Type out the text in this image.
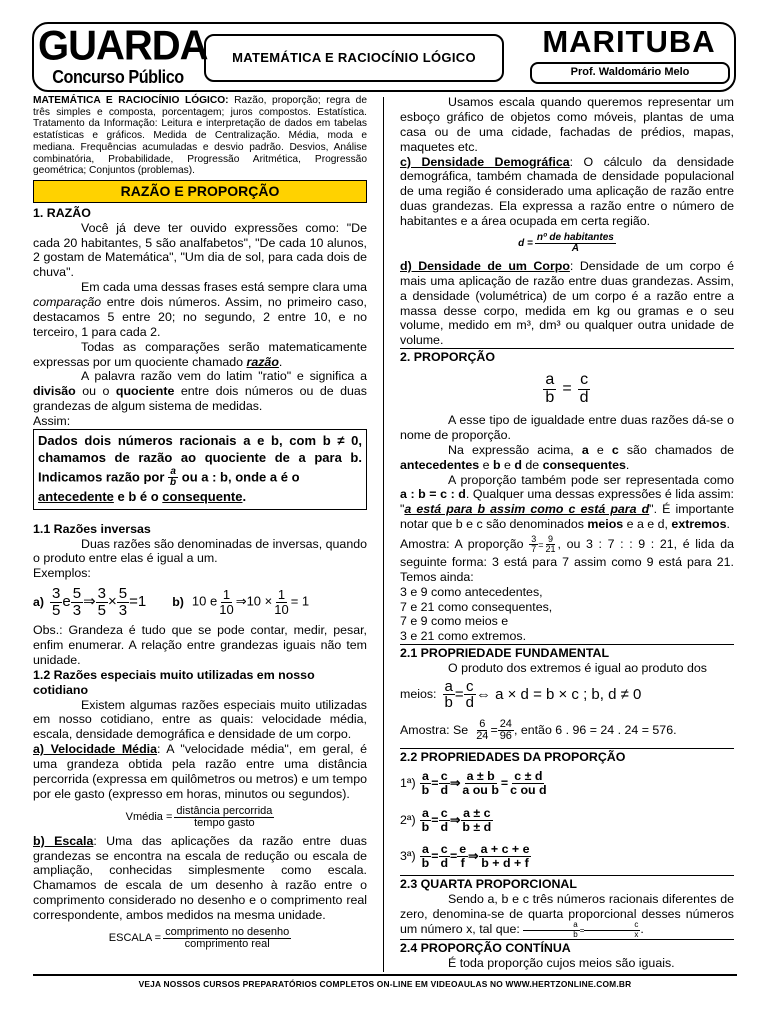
GUARDA
Concurso Público
MATEMÁTICA E RACIOCÍNIO LÓGICO	MARITUBA
Prof. Waldomário Melo

MATEMÁTICA E RACIOCÍNIO LÓGICO: Razão, proporção; regra de três simples e composta, porcentagem; juros compostos. Estatística. Tratamento da Informação: Leitura e interpretação de dados em tabelas estatísticas e gráficos. Medida de Centralização. Média, moda e mediana. Frequências acumuladas e desvio padrão. Desvios, Análise combinatória, Probabilidade, Progressão Aritmética, Progressão geométrica; Conjuntos (problemas).

RAZÃO E PROPORÇÃO
1. RAZÃO

Você já deve ter ouvido expressões como: "De cada 20 habitantes, 5 são analfabetos", "De cada 10 alunos, 2 gostam de Matemática", "Um dia de sol, para cada dois de chuva".

Em cada uma dessas frases está sempre clara uma comparação entre dois números. Assim, no primeiro caso, destacamos 5 entre 20; no segundo, 2 entre 10, e no terceiro, 1 para cada 2.

Todas as comparações serão matematicamente expressas por um quociente chamado razão.

A palavra razão vem do latim "ratio" e significa a divisão ou o quociente entre dois números ou de duas grandezas de algum sistema de medidas.

Assim:

Dados dois números racionais a e b, com b ≠ 0, chamamos de razão ao quociente de a para b. Indicamos razão por $\frac{a}{b}$ ou a : b, onde a é o
antecedente e b é o consequente.
1.1 Razões inversas

Duas razões são denominadas de inversas, quando o produto entre elas é igual a um.

Exemplos:

$a) \frac{3}{5}$ e $\frac{5}{3}$ ⇒ $\frac{3}{5} \times \frac{5}{3} =1$ b) 10 e $\frac{1}{10}$ ⇒10 × $\frac{1}{10} = 1$

Obs.: Grandeza é tudo que se pode contar, medir, pesar, enfim enumerar. A relação entre grandezas iguais não tem unidade.

1.2 Razões especiais muito utilizadas em nosso cotidiano

Existem algumas razões especiais muito utilizadas em nosso cotidiano, entre as quais: velocidade média, escala, densidade demográfica e densidade de um corpo.

a) Velocidade Média: A "velocidade média", em geral, é uma grandeza obtida pela razão entre uma distância percorrida (expressa em quilômetros ou metros) e um tempo por ele gasto (expresso em horas, minutos ou segundos).

Vmédia = $\frac{\text{distância percorrida}}{\text{tempo gasto}}$

b) Escala: Uma das aplicações da razão entre duas grandezas se encontra na escala de redução ou escala de ampliação, conhecidas simplesmente como escala. Chamamos de escala de um desenho à razão entre o comprimento considerado no desenho e o comprimento real correspondente, ambos medidos na mesma unidade.

ESCALA = $\frac{\text{comprimento no desenho}}{\text{comprimento real}}$

Usamos escala quando queremos representar um esboço gráfico de objetos como móveis, plantas de uma casa ou de uma cidade, fachadas de prédios, mapas, maquetes etc.

c) Densidade Demográfica: O cálculo da densidade demográfica, também chamada de densidade populacional de uma região é considerado uma aplicação de razão entre duas grandezas. Ela expressa a razão entre o número de habitantes e a área ocupada em certa região.

$d = \frac{\text{nº de habitantes}}{A}$

d) Densidade de um Corpo: Densidade de um corpo é mais uma aplicação de razão entre duas grandezas. Assim, a densidade (volumétrica) de um corpo é a razão entre a massa desse corpo, medida em kg ou gramas e o seu volume, medido em m³, dm³ ou qualquer outra unidade de volume.

2. PROPORÇÃO
$\frac{a}{b} = \frac{c}{d}$

A esse tipo de igualdade entre duas razões dá-se o nome de proporção.

Na expressão acima, a e c são chamados de antecedentes e b e d de consequentes.

A proporção também pode ser representada como a : b = c : d. Qualquer uma dessas expressões é lida assim: "a está para b assim como c está para d". É importante notar que b e c são denominados meios e a e d, extremos.

Amostra: A proporção $\frac{3}{7} = \frac{9}{21}$ , ou 3 : 7 : : 9 : 21, é lida da seguinte forma: 3 está para 7 assim como 9 está para 21. Temos ainda:

3 e 9 como antecedentes,

7 e 21 como consequentes,

7 e 9 como meios e

3 e 21 como extremos.

2.1 PROPRIEDADE FUNDAMENTAL

O produto dos extremos é igual ao produto dos

meios: $\frac{a}{b} = \frac{c}{d}$ ⇔ a × d = b × c ; b, d ≠ 0
Amostra: Se $\frac{6}{24} = \frac{24}{96}$ , então 6 . 96 = 24 . 24 = 576.
2.2 PROPRIEDADES DA PROPORÇÃO
1ª) $\frac{a}{b} = \frac{c}{d}$ ⇒ $\frac{a \pm b}{\text{a ou b}} = \frac{c \pm d}{\text{c ou d}}$
2ª) $\frac{a}{b} = \frac{c}{d}$ ⇒ $\frac{a \pm c}{b \pm d}$
3ª) $\frac{a}{b} = \frac{c}{d} = \frac{e}{f}$ ⇒ $\frac{a + c + e}{b + d + f}$
2.3 QUARTA PROPORCIONAL

Sendo a, b e c três números racionais diferentes de zero, denomina-se de quarta proporcional desses números um número x, tal que: $\frac{a}{b} = \frac{c}{x}$ .

2.4 PROPORÇÃO CONTÍNUA

É toda proporção cujos meios são iguais.

VEJA NOSSOS CURSOS PREPARATÓRIOS COMPLETOS ON-LINE EM VIDEOAULAS NO WWW.HERTZONLINE.COM.BR
